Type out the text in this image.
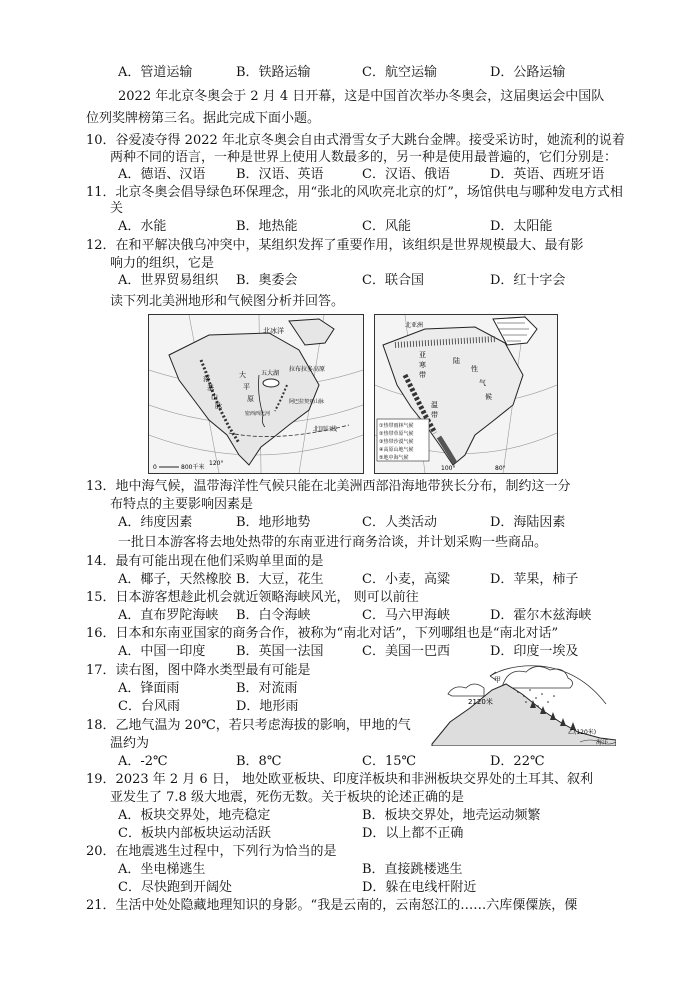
A．管道运输	B．铁路运输	C．航空运输	D．公路运输
2022 年北京冬奥会于 2 月 4 日开幕，这是中国首次举办冬奥会，这届奥运会中国队
位列奖牌榜第三名。据此完成下面小题。
10．谷爱凌夺得 2022 年北京冬奥会自由式滑雪女子大跳台金牌。接受采访时，她流利的说着
两种不同的语言，一种是世界上使用人数最多的，另一种是使用最普遍的，它们分别是：
A．德语、汉语 B．汉语、英语	C．汉语、俄语	D．英语、西班牙语
11．北京冬奥会倡导绿色环保理念，用“张北的风吹亮北京的灯”，场馆供电与哪种发电方式相
关
A．水能	B．地热能	C．风能	D．太阳能
12．在和平解决俄乌冲突中，某组织发挥了重要作用，该组织是世界规模最大、最有影
响力的组织，它是
A．世界贸易组织 B．奥委会	C．联合国	D．红十字会
读下列北美洲地形和气候图分析并回答。
北冰洋
拉布拉多高原
落
基
山
脉
大
平
原
五大湖
密西西比河
阿巴拉契亚山脉
北回归线
120°
0	800千米
北亚洲
亚
寒
带
陆
性
气
候
温
带
①热带雨林气候
②热带草原气候
③热带沙漠气候
④高原山地气候
⑤地中海气候
100°	80°
13．地中海气候，温带海洋性气候只能在北美洲西部沿海地带狭长分布，制约这一分
布特点的主要影响因素是
A．纬度因素	B．地形地势	C．人类活动	D．海陆因素
一批日本游客将去地处热带的东南亚进行商务洽谈，并计划采购一些商品。
14．最有可能出现在他们采购单里面的是
A．椰子，天然橡胶 B．大豆，花生	C．小麦，高粱	D．苹果，柿子
15．日本游客想趁此机会就近领略海峡风光， 则可以前往
A．直布罗陀海峡 B．白令海峡	C．马六甲海峡	D．霍尔木兹海峡
16．日本和东南亚国家的商务合作，被称为“南北对话”，下列哪组也是“南北对话”
A．中国一印度 B．英国一法国	C．美国一巴西	D．印度一埃及
17．读右图，图中降水类型最有可能是
A．锋面雨	B．对流雨
C．台风雨	D．地形雨
甲
2120米
乙(120米)
海洋
18．乙地气温为 20℃，若只考虑海拔的影响，甲地的气
温约为
A．-2℃	B．8℃	C．15℃	D．22℃
19．2023 年 2 月 6 日， 地处欧亚板块、印度洋板块和非洲板块交界处的土耳其、叙利
亚发生了 7.8 级大地震，死伤无数。关于板块的论述正确的是
A．板块交界处，地壳稳定	B．板块交界处，地壳运动频繁
C．板块内部板块运动活跃	D．以上都不正确
20．在地震逃生过程中，下列行为恰当的是
A．坐电梯逃生	B．直接跳楼逃生
C．尽快跑到开阔处	D．躲在电线杆附近
21．生活中处处隐藏地理知识的身影。“我是云南的，云南怒江的……六库傈僳族，傈
